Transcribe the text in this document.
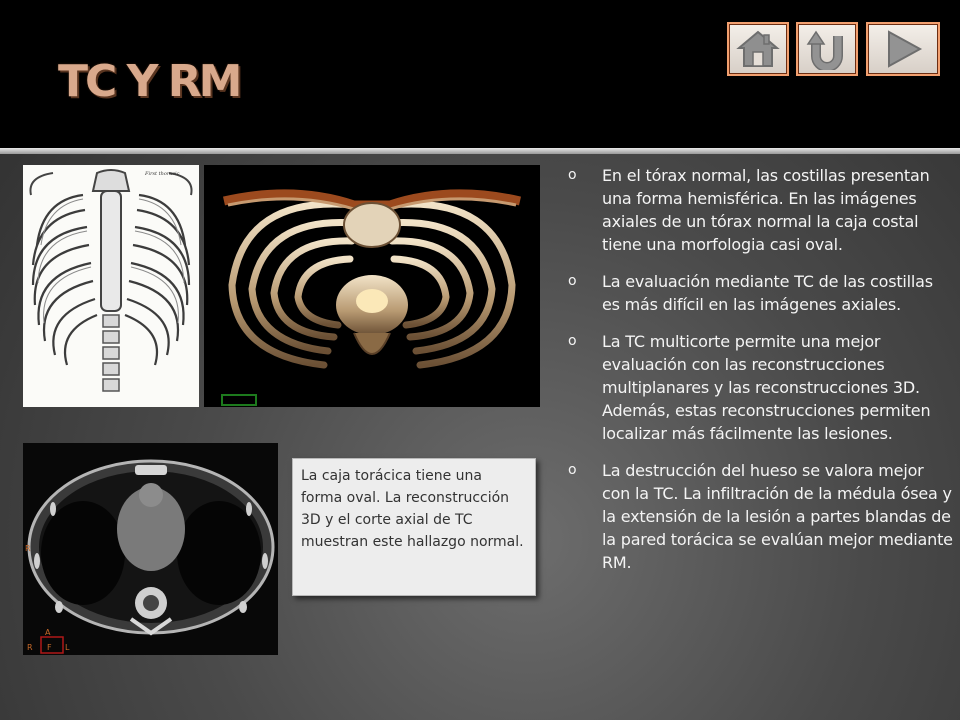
TC Y RM
First thoracic
R
A
R F L
La caja torácica tiene una forma oval. La reconstrucción 3D y el corte axial de TC muestran este hallazgo normal.
o En el tórax normal, las costillas presentan una forma hemisférica. En las imágenes axiales de un tórax normal la caja costal tiene una morfologia casi oval.
o La evaluación mediante TC de las costillas es más difícil en las imágenes axiales.
o La TC multicorte permite una mejor evaluación con las reconstrucciones multiplanares y las reconstrucciones 3D. Además, estas reconstrucciones permiten localizar más fácilmente las lesiones.
o La destrucción del hueso se valora mejor con la TC. La infiltración de la médula ósea y la extensión de la lesión a partes blandas de la pared torácica se evalúan mejor mediante RM.
